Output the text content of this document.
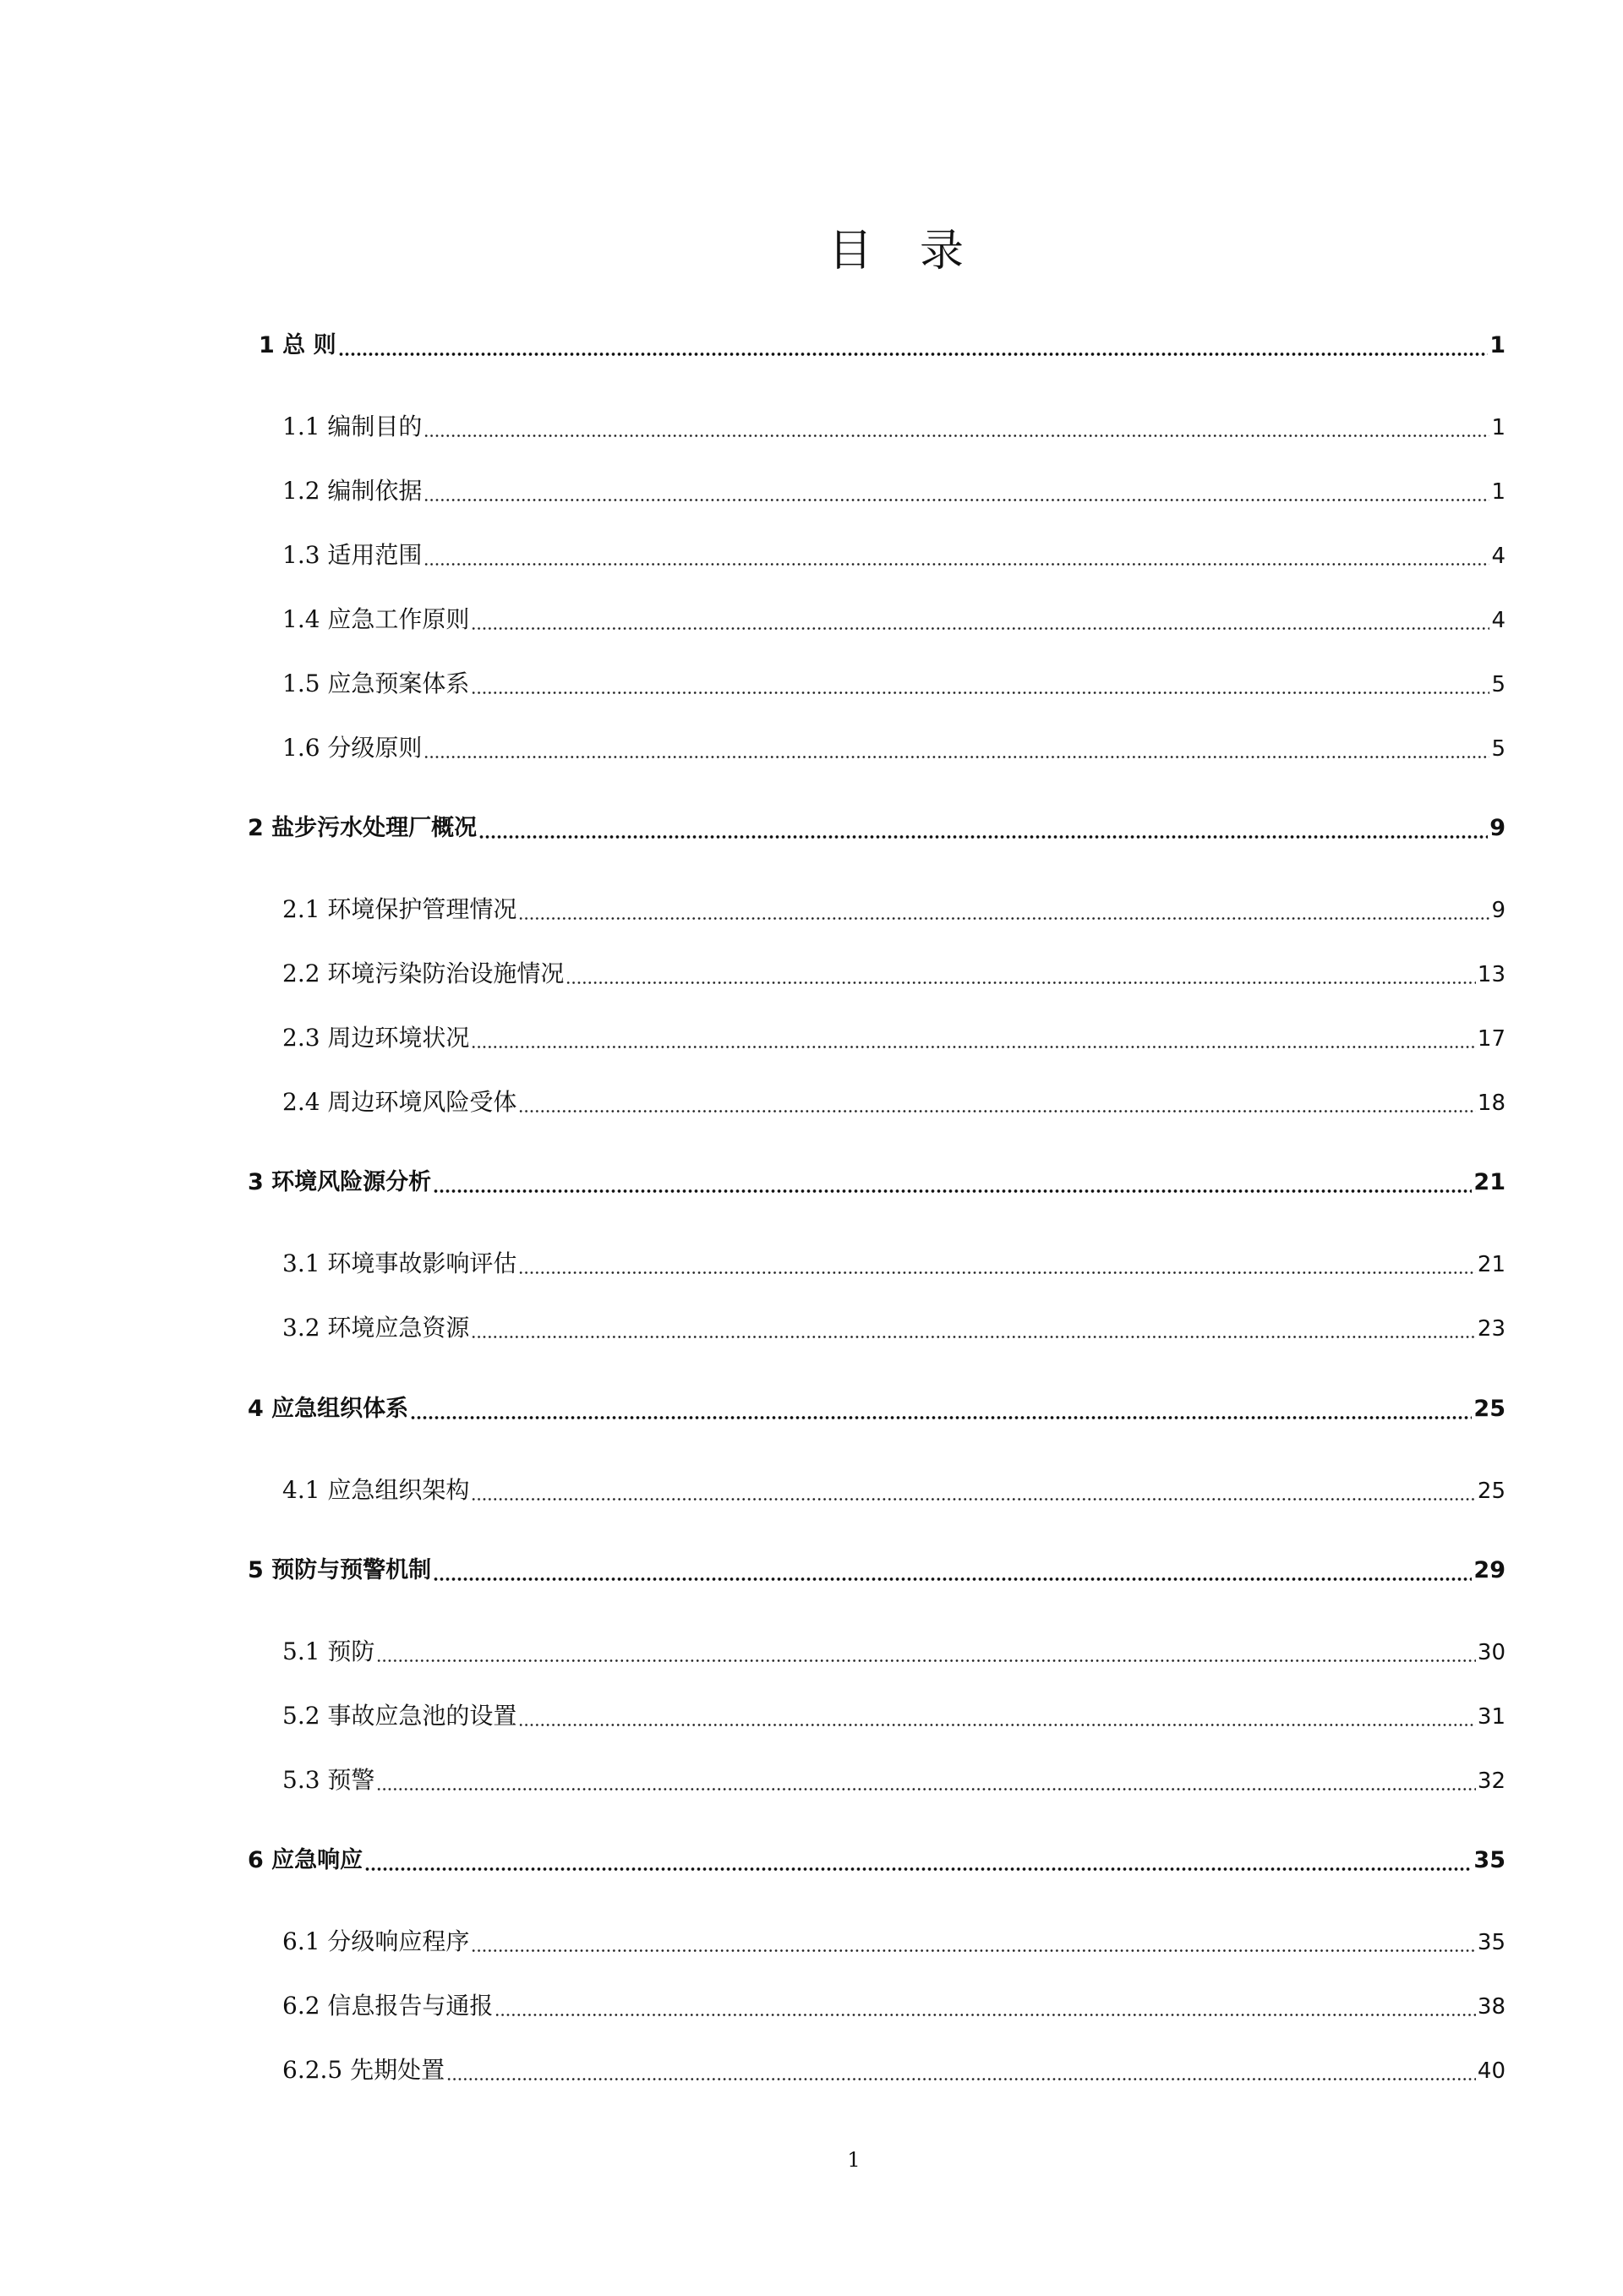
目 录
1 总 则	1
1.1 编制目的	1
1.2 编制依据	1
1.3 适用范围	4
1.4 应急工作原则	4
1.5 应急预案体系	5
1.6 分级原则	5
2 盐步污水处理厂概况	9
2.1 环境保护管理情况	9
2.2 环境污染防治设施情况	13
2.3 周边环境状况	17
2.4 周边环境风险受体	18
3 环境风险源分析	21
3.1 环境事故影响评估	21
3.2 环境应急资源	23
4 应急组织体系	25
4.1 应急组织架构	25
5 预防与预警机制	29
5.1 预防	30
5.2 事故应急池的设置	31
5.3 预警	32
6 应急响应	35
6.1 分级响应程序	35
6.2 信息报告与通报	38
6.2.5 先期处置	40
1
